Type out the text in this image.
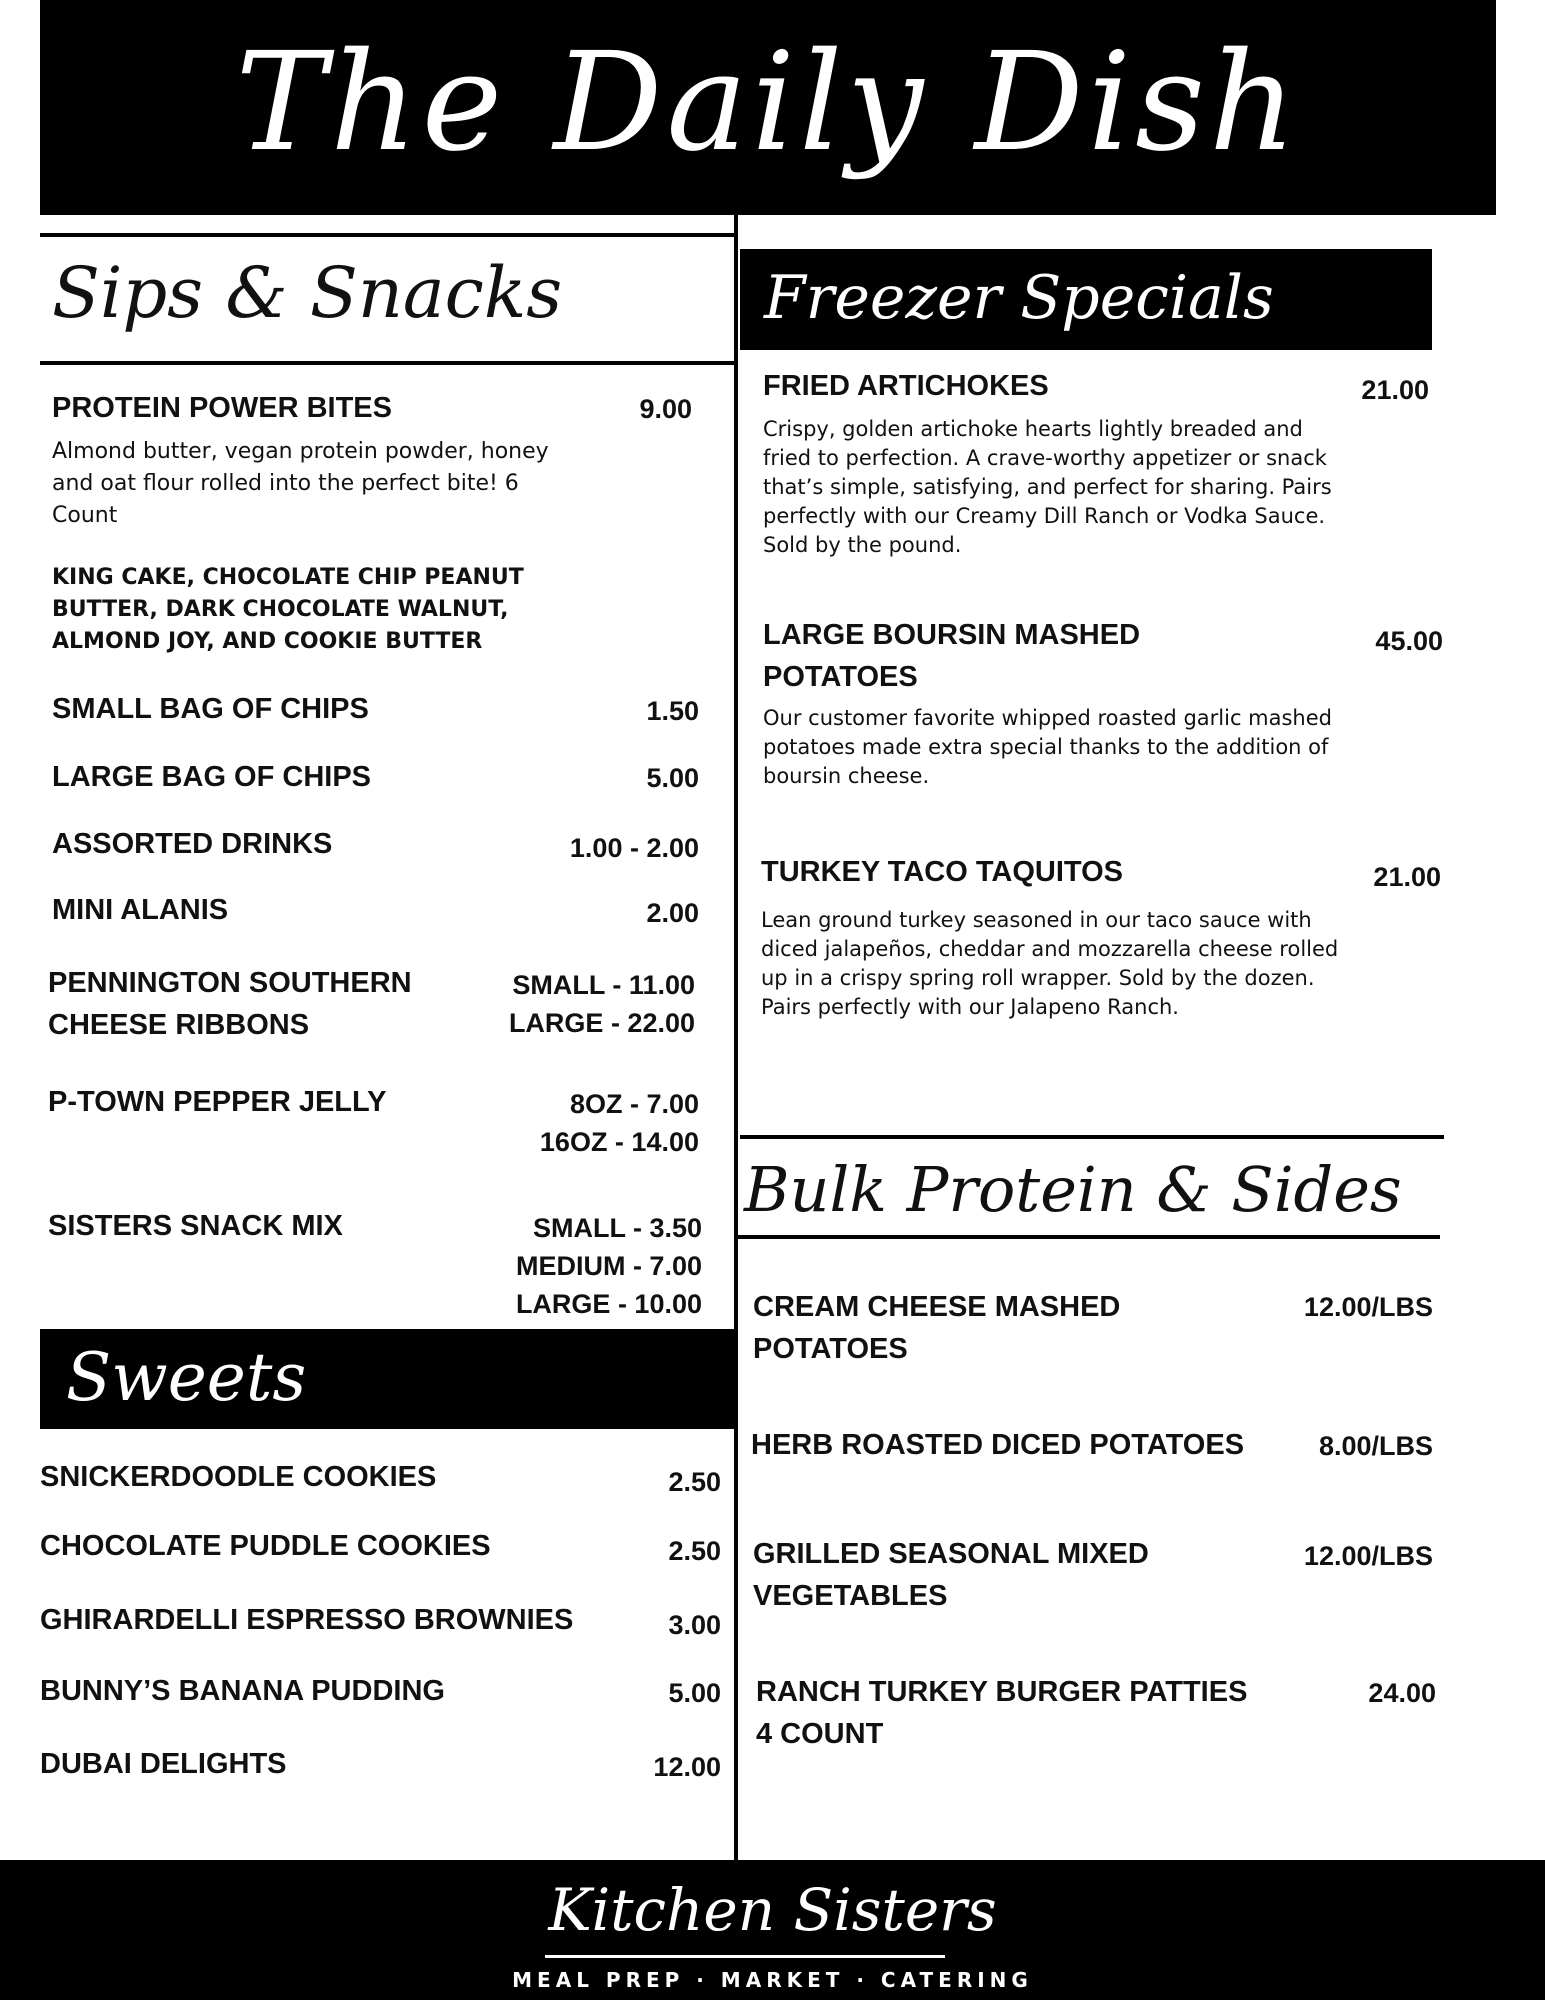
The Daily Dish
Sips & Snacks
PROTEIN POWER BITES	9.00
Almond butter, vegan protein powder, honey and oat flour rolled into the perfect bite! 6 Count
KING CAKE, CHOCOLATE CHIP PEANUT BUTTER, DARK CHOCOLATE WALNUT, ALMOND JOY, AND COOKIE BUTTER
SMALL BAG OF CHIPS	1.50
LARGE BAG OF CHIPS	5.00
ASSORTED DRINKS	1.00 - 2.00
MINI ALANIS	2.00
PENNINGTON SOUTHERN
CHEESE RIBBONS
SMALL - 11.00
LARGE - 22.00
P-TOWN PEPPER JELLY	8OZ - 7.00
16OZ - 14.00
SISTERS SNACK MIX	SMALL - 3.50
MEDIUM - 7.00
LARGE - 10.00
Sweets
SNICKERDOODLE COOKIES	2.50
CHOCOLATE PUDDLE COOKIES	2.50
GHIRARDELLI ESPRESSO BROWNIES	3.00
BUNNY’S BANANA PUDDING	5.00
DUBAI DELIGHTS	12.00
Freezer Specials
FRIED ARTICHOKES	21.00
Crispy, golden artichoke hearts lightly breaded and fried to perfection. A crave-worthy appetizer or snack that’s simple, satisfying, and perfect for sharing. Pairs perfectly with our Creamy Dill Ranch or Vodka Sauce. Sold by the pound.
LARGE BOURSIN MASHED
POTATOES
45.00
Our customer favorite whipped roasted garlic mashed potatoes made extra special thanks to the addition of boursin cheese.
TURKEY TACO TAQUITOS	21.00
Lean ground turkey seasoned in our taco sauce with diced jalapeños, cheddar and mozzarella cheese rolled up in a crispy spring roll wrapper. Sold by the dozen. Pairs perfectly with our Jalapeno Ranch.
Bulk Protein & Sides
CREAM CHEESE MASHED
POTATOES
12.00/LBS
HERB ROASTED DICED POTATOES	8.00/LBS
GRILLED SEASONAL MIXED
VEGETABLES
12.00/LBS
RANCH TURKEY BURGER PATTIES
4 COUNT
24.00
Kitchen Sisters
MEAL PREP · MARKET · CATERING
